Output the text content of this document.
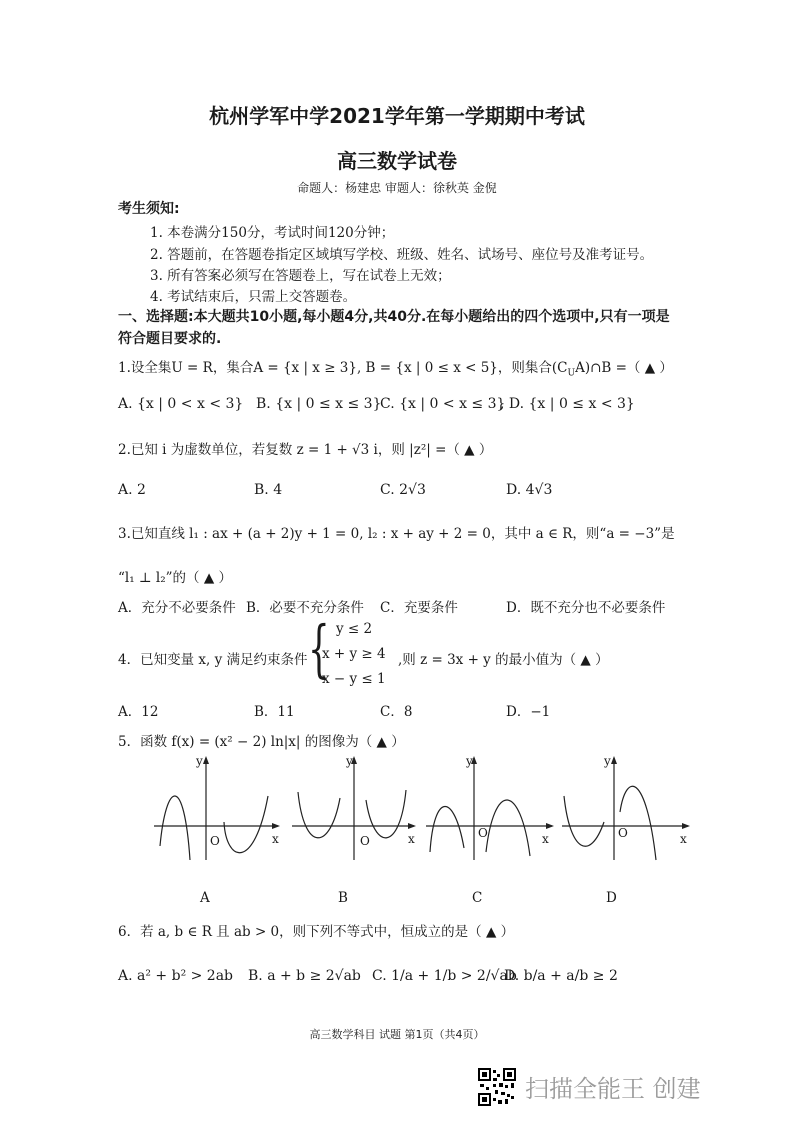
杭州学军中学2021学年第一学期期中考试
高三数学试卷
命题人：杨建忠 审题人：徐秋英 金倪
考生须知:
1. 本卷满分150分，考试时间120分钟；
2. 答题前，在答题卷指定区域填写学校、班级、姓名、试场号、座位号及准考证号。
3. 所有答案必须写在答题卷上，写在试卷上无效；
4. 考试结束后，只需上交答题卷。
一、选择题:本大题共10小题,每小题4分,共40分.在每小题给出的四个选项中,只有一项是
符合题目要求的.
1.设全集U = R，集合A = {x | x ≥ 3}, B = {x | 0 ≤ x < 5}，则集合$(C_UA)\cap B$ =（ ▲ ）
A. {x | 0 < x < 3} B. {x | 0 ≤ x ≤ 3}
C. {x | 0 < x ≤ 3}
, D. {x | 0 ≤ x < 3}
2.已知 i 为虚数单位，若复数 z = 1 + √3 i，则 |z²| =（ ▲ ）
A. 2	B. 4	C. 2√3	D. 4√3
3.已知直线 l₁ : ax + (a + 2)y + 1 = 0, l₂ : x + ay + 2 = 0，其中 a ∈ R，则“a = −3”是
“l₁ ⊥ l₂”的（ ▲ ）
A．充分不必要条件 B．必要不充分条件 C．充要条件	D．既不充分也不必要条件
4．已知变量 x, y 满足约束条件 { y ≤ 2
x + y ≥ 4
x − y ≤ 1
,则 z = 3x + y 的最小值为（ ▲ ）
A．12	B．11	C．8	D．−1
5．函数 f(x) = (x² − 2) ln|x| 的图像为（ ▲ ）
y
O	x
y
O	x
y
O	x
y
O	x
A	B	C	D
6．若 a, b ∈ R 且 ab > 0，则下列不等式中，恒成立的是（ ▲ ）
A. a² + b² > 2ab B. a + b ≥ 2√ab C. 1/a + 1/b > 2/√ab
D. b/a + a/b ≥ 2
高三数学科目 试题 第1页（共4页）
扫描全能王 创建
